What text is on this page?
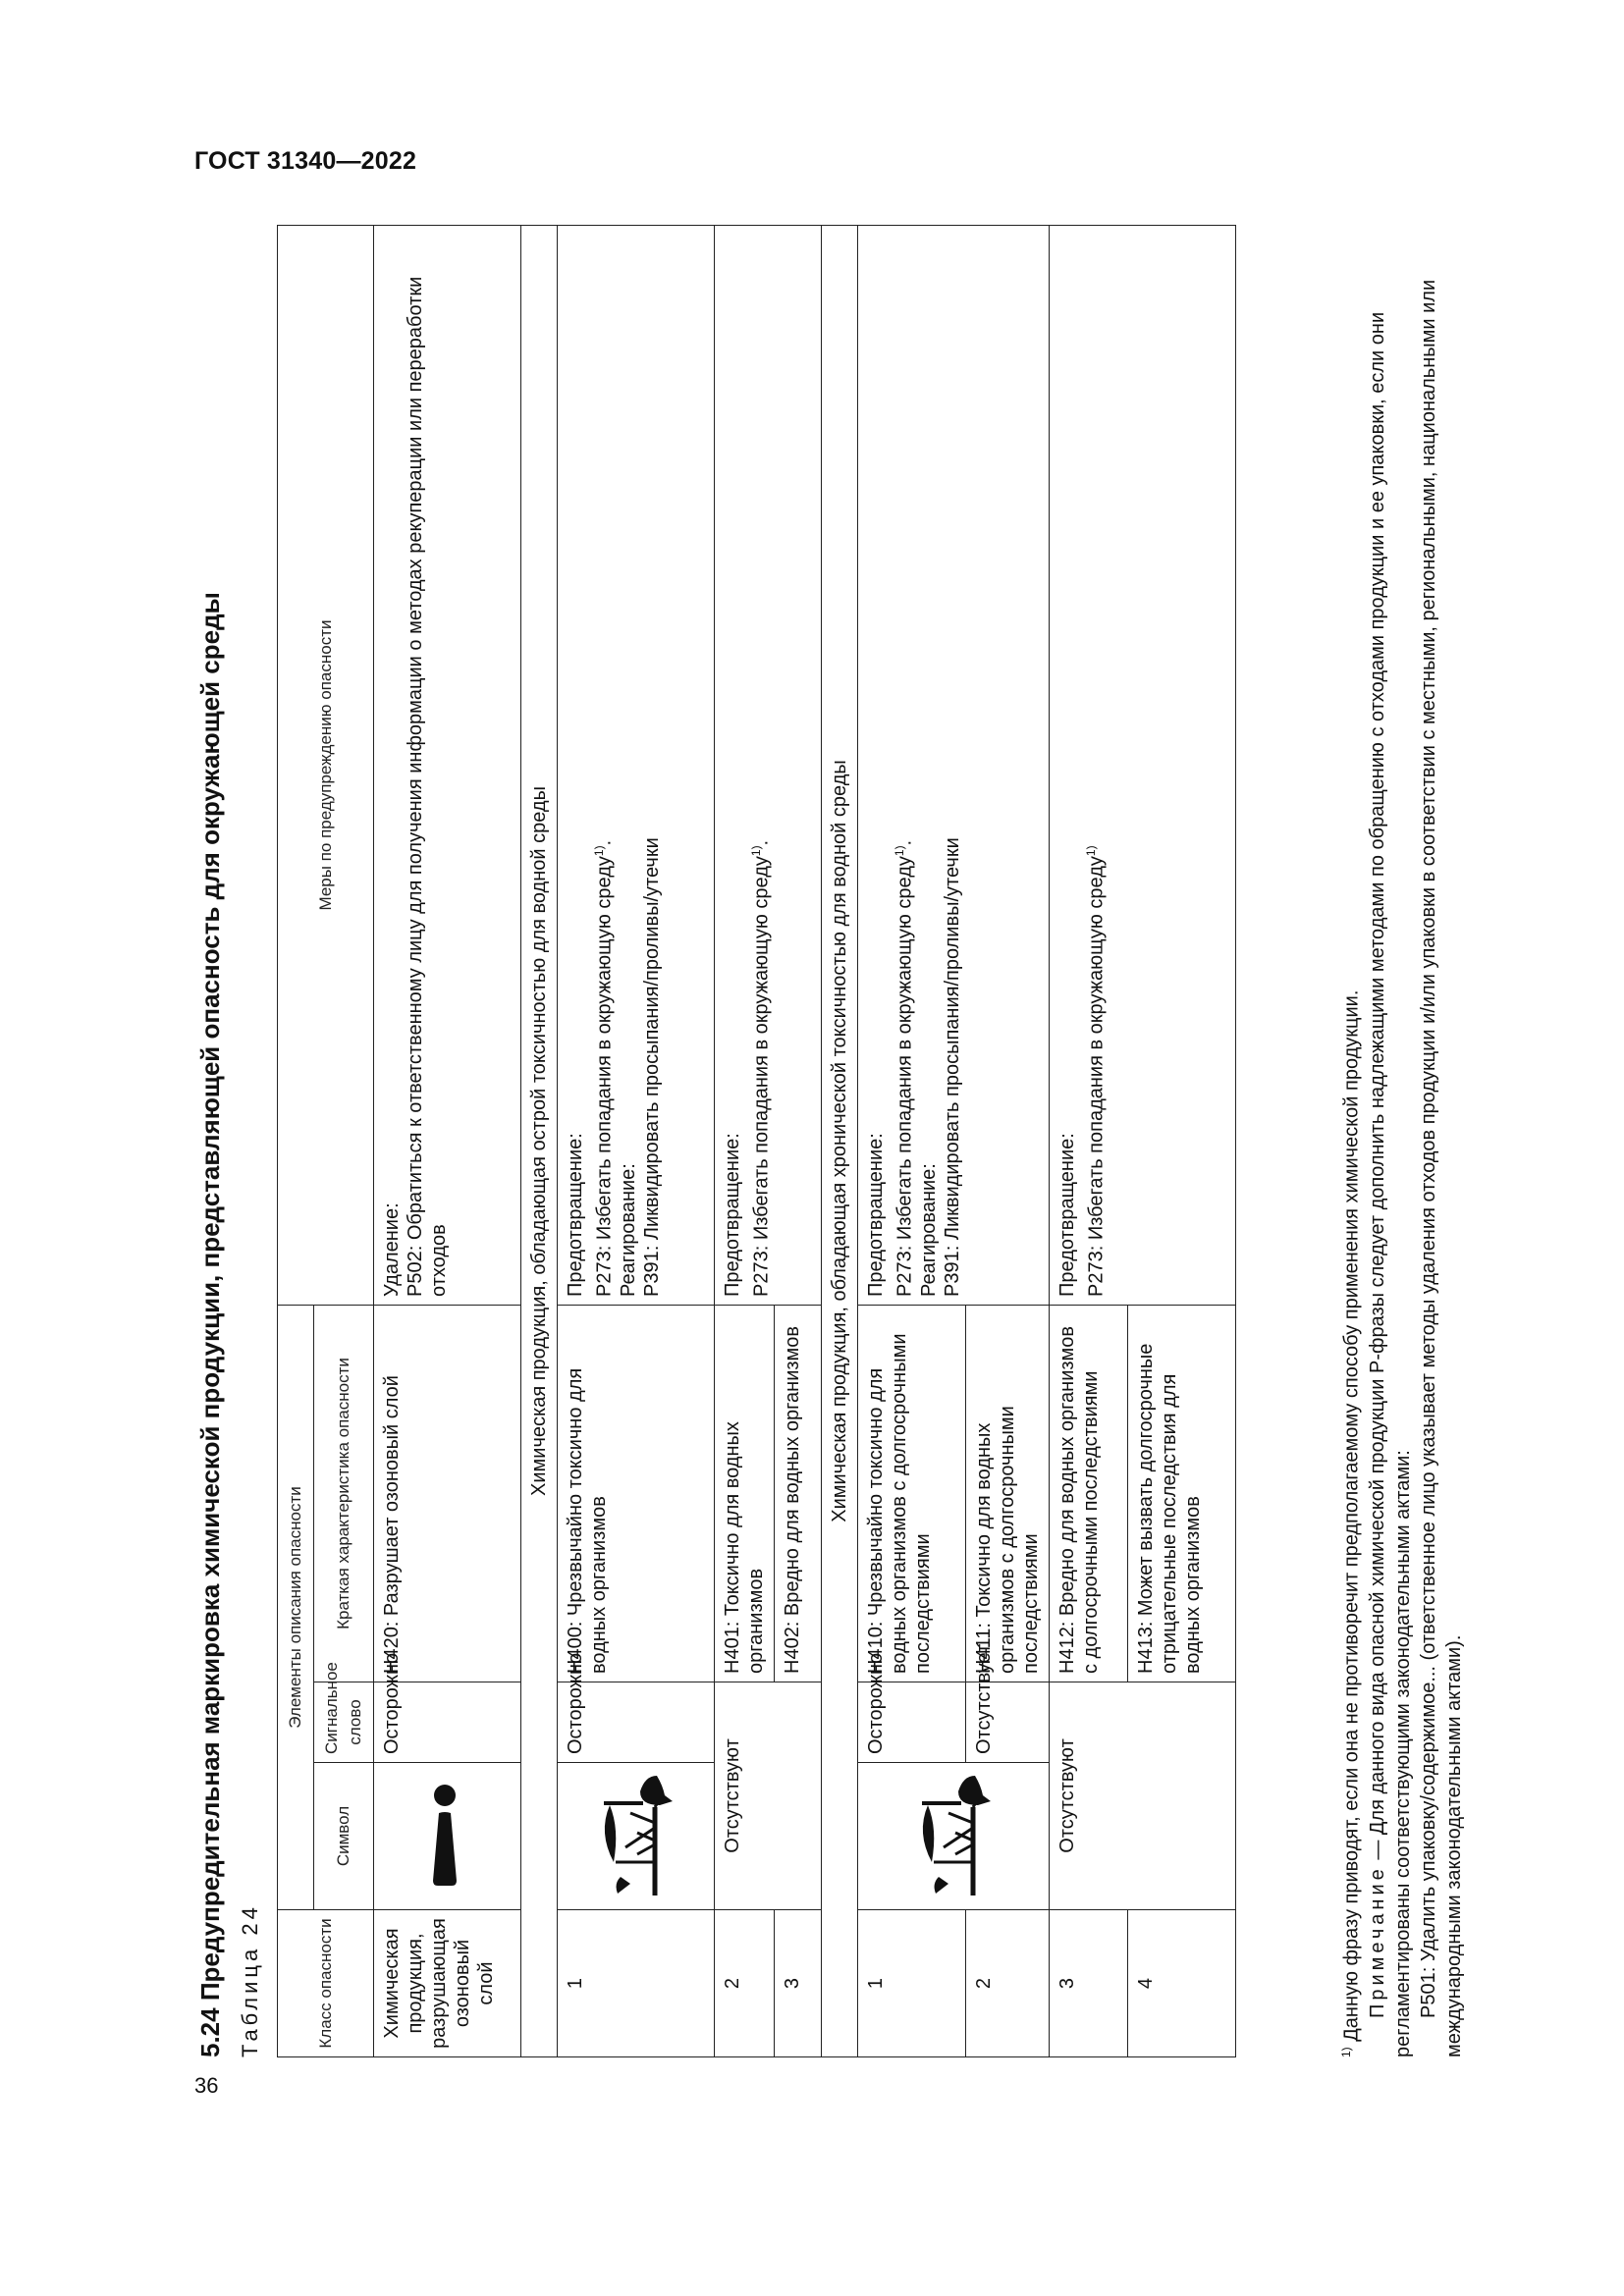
ГОСТ 31340—2022
36
5.24 Предупредительная маркировка химической продукции, представляющей опасность для окружающей среды Таблица 24	Класс опасности	Элементы описания опасности			Меры по предупреждению опасности
	Символ	Сигнальное слово	Краткая характеристика опасности	
Химическая продукция, разрушающая озоновый слой		Осторожно	H420: Разрушает озоновый слой	Удаление: P502: Обратиться к ответственному лицу для получения информации о методах рекуперации или переработки отходов

Химическая продукция, обладающая острой токсичностью для водной среды				
1		Осторожно	H400: Чрезвычайно токсично для водных организмов	Предотвращение: P273: Избегать попадания в окружающую среду$^{1)}$.
Реагирование: P391: Ликвидировать просыпания/проливы/утечки

2	Отсутствуют		H401: Токсично для водных организмов	Предотвращение: P273: Избегать попадания в окружающую среду$^{1)}$.

3			H402: Вредно для водных организмов	
Химическая продукция, обладающая хронической токсичностью для водной среды				
1		Осторожно	H410: Чрезвычайно токсично для водных организмов с долгосрочными последствиями	Предотвращение: P273: Избегать попадания в окружающую среду$^{1)}$.
Реагирование: P391: Ликвидировать просыпания/проливы/утечки

2		Отсутствует	H411: Токсично для водных организмов с долгосрочными последствиями	
3	Отсутствуют		H412: Вредно для водных организмов с долгосрочными последствиями	Предотвращение: P273: Избегать попадания в окружающую среду$^{1)}$

4			H413: Может вызвать долгосрочные отрицательные последствия для водных организмов	

$^{1)}$ Данную фразу приводят, если она не противоречит предполагаемому способу применения химической продукции. Примечание — Для данного вида опасной химической продукции P-фразы следует дополнить надлежащими методами по обращению с отходами продукции и ее упаковки, если они регламентированы соответствующими законодательными актами: P501: Удалить упаковку/содержимое... (ответственное лицо указывает методы удаления отходов продукции и/или упаковки в соответствии с местными, региональными, национальными или международными законодательными актами).
